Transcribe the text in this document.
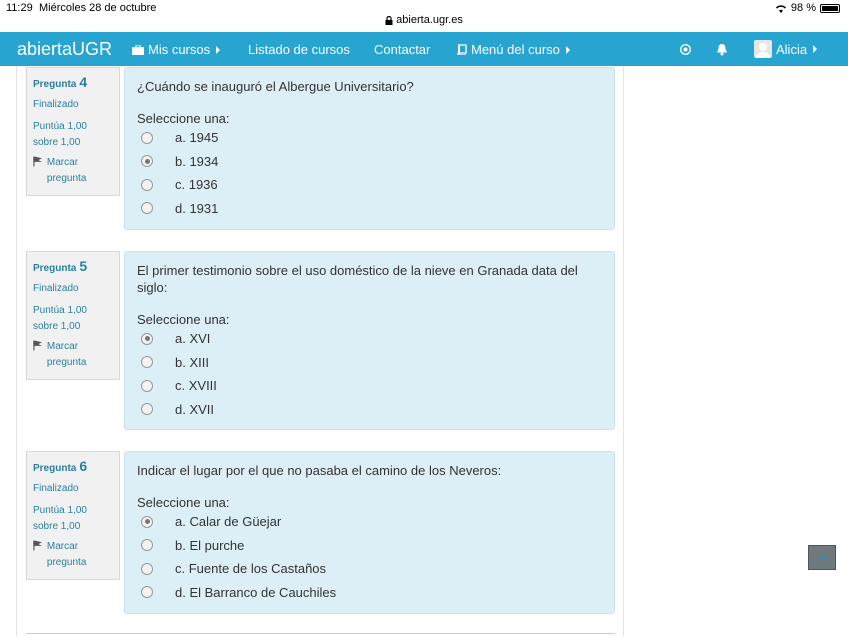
11:29 Miércoles 28 de octubre	98 %
abierta.ugr.es
abiertaUGR	Mis cursos	Listado de cursos Contactar	Menú del curso	Alicia
Pregunta 4
Finalizado
Puntúa 1,00 sobre 1,00
Marcar pregunta
¿Cuándo se inauguró el Albergue Universitario?
Seleccione una:
a. 1945
b. 1934
c. 1936
d. 1931
Pregunta 5
Finalizado
Puntúa 1,00 sobre 1,00
Marcar pregunta
El primer testimonio sobre el uso doméstico de la nieve en Granada data del siglo:
Seleccione una:
a. XVI
b. XIII
c. XVIII
d. XVII
Pregunta 6
Finalizado
Puntúa 1,00 sobre 1,00
Marcar pregunta
Indicar el lugar por el que no pasaba el camino de los Neveros:
Seleccione una:
a. Calar de Güejar
b. El purche
c. Fuente de los Castaños
d. El Barranco de Cauchiles
